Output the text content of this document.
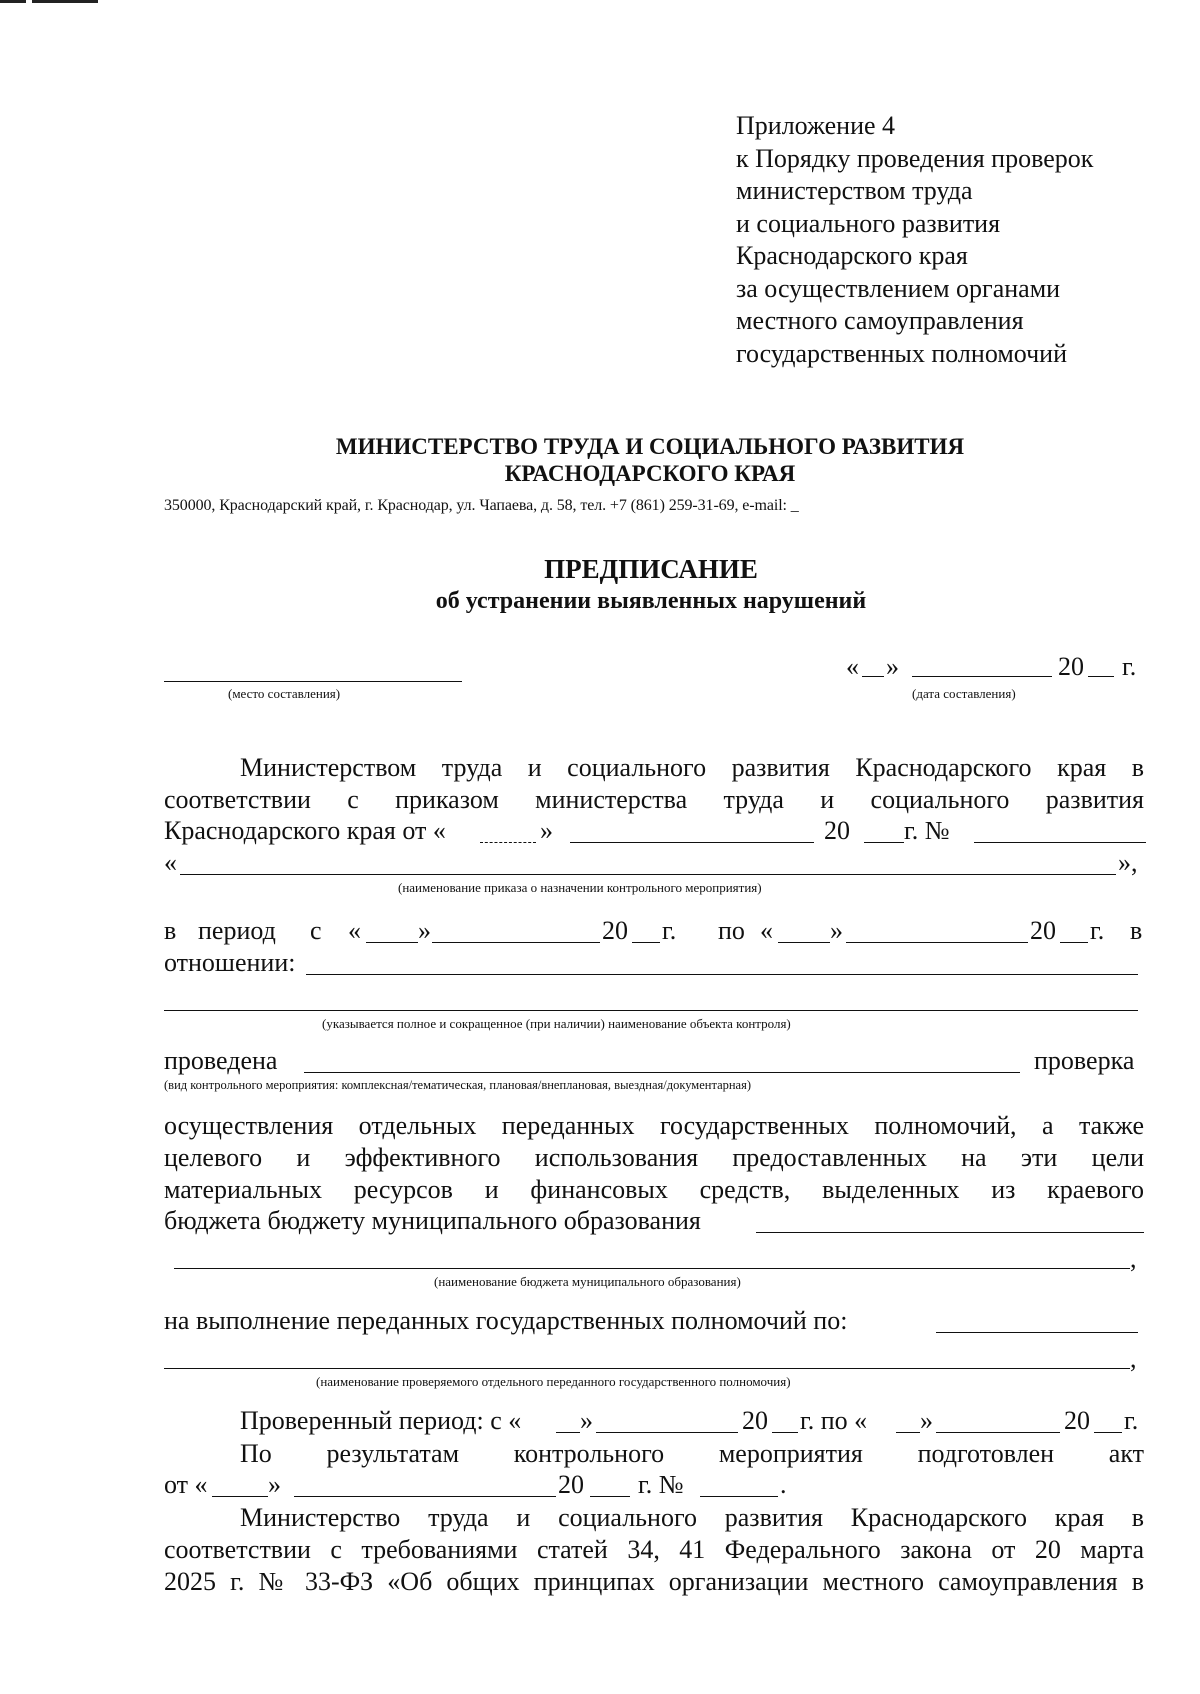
Приложение 4
к Порядку проведения проверок
министерством труда
и социального развития
Краснодарского края
за осуществлением органами
местного самоуправления
государственных полномочий
МИНИСТЕРСТВО ТРУДА И СОЦИАЛЬНОГО РАЗВИТИЯ
КРАСНОДАРСКОГО КРАЯ
350000, Краснодарский край, г. Краснодар, ул. Чапаева, д. 58, тел. +7 (861) 259-31-69, e-mail: _
ПРЕДПИСАНИЕ
об устранении выявленных нарушений
(место составления)
« »	20 г.
(дата составления)
Министерством труда и социального развития Краснодарского края в
соответствии с приказом министерства труда и социального развития
Краснодарского края от «	»	20 г. №
«	»,
(наименование приказа о назначении контрольного мероприятия)
в период с « »	20 г. по « »	20 г. в
отношении:
(указывается полное и сокращенное (при наличии) наименование объекта контроля)
проведена	проверка
(вид контрольного мероприятия: комплексная/тематическая, плановая/внеплановая, выездная/документарная)
осуществления отдельных переданных государственных полномочий, а также
целевого и эффективного использования предоставленных на эти цели
материальных ресурсов и финансовых средств, выделенных из краевого
бюджета бюджету муниципального образования
,
(наименование бюджета муниципального образования)
на выполнение переданных государственных полномочий по:
,
(наименование проверяемого отдельного переданного государственного полномочия)
Проверенный период: с « »	20 г. по « »	20 г.
По результатам контрольного мероприятия подготовлен акт
от « »	20 г. №	.
Министерство труда и социального развития Краснодарского края в
соответствии с требованиями статей 34, 41 Федерального закона от 20 марта
2025 г. № 33-ФЗ «Об общих принципах организации местного самоуправления в
